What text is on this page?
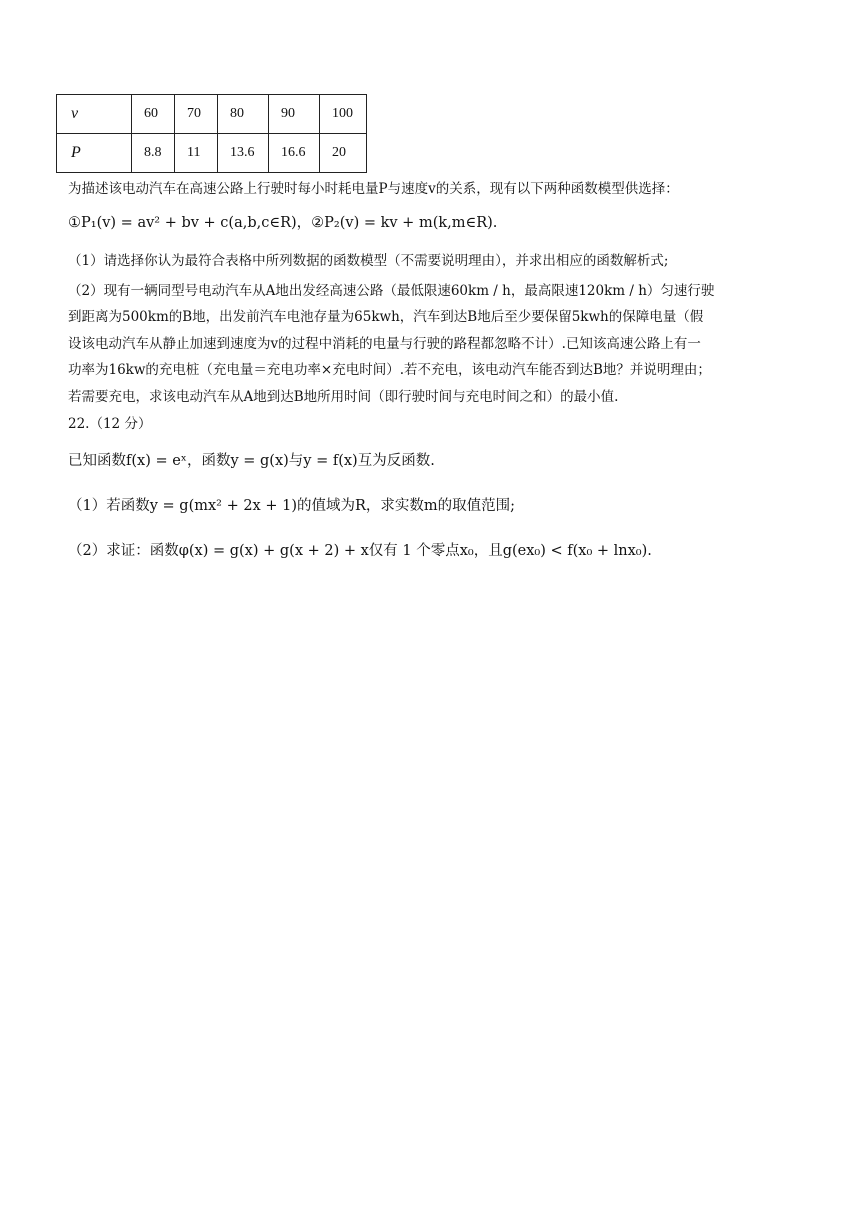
v	60	70	80	90	100
P	8.8	11	13.6	16.6	20
为描述该电动汽车在高速公路上行驶时每小时耗电量P与速度v的关系，现有以下两种函数模型供选择：
①P₁(v) = av² + bv + c(a,b,c∈R)，②P₂(v) = kv + m(k,m∈R).
（1）请选择你认为最符合表格中所列数据的函数模型（不需要说明理由），并求出相应的函数解析式;
（2）现有一辆同型号电动汽车从A地出发经高速公路（最低限速60km / h，最高限速120km / h）匀速行驶
到距离为500km的B地，出发前汽车电池存量为65kwh，汽车到达B地后至少要保留5kwh的保障电量（假
设该电动汽车从静止加速到速度为v的过程中消耗的电量与行驶的路程都忽略不计）.已知该高速公路上有一
功率为16kw的充电桩（充电量＝充电功率×充电时间）.若不充电，该电动汽车能否到达B地？并说明理由；
若需要充电，求该电动汽车从A地到达B地所用时间（即行驶时间与充电时间之和）的最小值.
22.（12 分）
已知函数f(x) = eˣ，函数y = g(x)与y = f(x)互为反函数.
（1）若函数y = g(mx² + 2x + 1)的值域为R，求实数m的取值范围;
（2）求证：函数φ(x) = g(x) + g(x + 2) + x仅有 1 个零点x₀，且g(ex₀) < f(x₀ + lnx₀).
